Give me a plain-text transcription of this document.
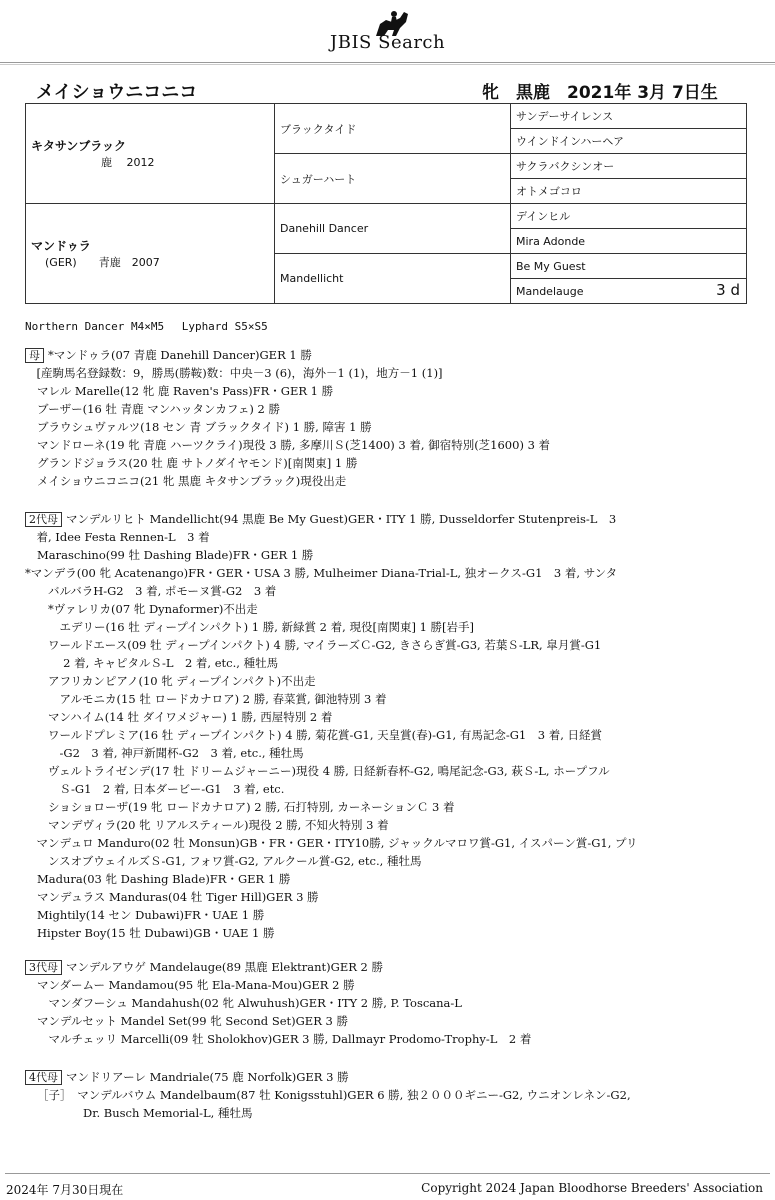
JBIS Search
メイショウニコニコ	牝　黒鹿　2021年 3月 7日生
キタサンブラック
鹿　 2012	ブラックタイド	サンデーサイレンス
		ウインドインハーヘア
	シュガーハート	サクラバクシンオー
		オトメゴコロ
マンドゥラ
(GER)　　青鹿　2007	Danehill Dancer	デインヒル
		Mira Adonde
	Mandellicht	Be My Guest
		Mandelauge 3 d
Northern Dancer M4×M5　 Lyphard S5×S5
母 *マンドゥラ(07 青鹿 Danehill Dancer)GER 1 勝
　[産駒馬名登録数：9，勝馬(勝鞍)数：中央－3 (6)，海外－1 (1)，地方－1 (1)]
マレル Marelle(12 牝 鹿 Raven's Pass)FR・GER 1 勝
ブーザー(16 牡 青鹿 マンハッタンカフェ) 2 勝
ブラウシュヴァルツ(18 セン 青 ブラックタイド) 1 勝, 障害 1 勝
マンドローネ(19 牝 青鹿 ハーツクライ)現役 3 勝, 多摩川Ｓ(芝1400) 3 着, 御宿特別(芝1600) 3 着
グランドジョラス(20 牡 鹿 サトノダイヤモンド)[南関東] 1 勝
メイショウニコニコ(21 牝 黒鹿 キタサンブラック)現役出走
2代母 マンデルリヒト Mandellicht(94 黒鹿 Be My Guest)GER・ITY 1 勝, Dusseldorfer Stutenpreis-L　3
　着, Idee Festa Rennen-L　3 着
Maraschino(99 牡 Dashing Blade)FR・GER 1 勝
*マンデラ(00 牝 Acatenango)FR・GER・USA 3 勝, Mulheimer Diana-Trial-L, 独オークス-G1　3 着, サンタ
　　バルバラH-G2　3 着, ポモーヌ賞-G2　3 着
　　*ヴァレリカ(07 牝 Dynaformer)不出走
　　　エデリー(16 牡 ディープインパクト) 1 勝, 新緑賞 2 着, 現役[南関東] 1 勝[岩手]
　　ワールドエース(09 牡 ディープインパクト) 4 勝, マイラーズＣ-G2, きさらぎ賞-G3, 若葉Ｓ-LR, 皐月賞-G1
　　　 2 着, キャピタルＳ-L　2 着, etc., 種牡馬
　　アフリカンピアノ(10 牝 ディープインパクト)不出走
　　　アルモニカ(15 牡 ロードカナロア) 2 勝, 春菜賞, 御池特別 3 着
　　マンハイム(14 牡 ダイワメジャー) 1 勝, 西屋特別 2 着
　　ワールドプレミア(16 牡 ディープインパクト) 4 勝, 菊花賞-G1, 天皇賞(春)-G1, 有馬記念-G1　3 着, 日経賞
　　　-G2　3 着, 神戸新聞杯-G2　3 着, etc., 種牡馬
　　ヴェルトライゼンデ(17 牡 ドリームジャーニー)現役 4 勝, 日経新春杯-G2, 鳴尾記念-G3, 萩Ｓ-L, ホープフル
　　　Ｓ-G1　2 着, 日本ダービー-G1　3 着, etc.
　　ショショローザ(19 牝 ロードカナロア) 2 勝, 石打特別, カーネーションＣ 3 着
　　マンデヴィラ(20 牝 リアルスティール)現役 2 勝, 不知火特別 3 着
　マンデュロ Manduro(02 牡 Monsun)GB・FR・GER・ITY10勝, ジャックルマロワ賞-G1, イスパーン賞-G1, プリ
　　ンスオブウェイルズＳ-G1, フォワ賞-G2, アルクール賞-G2, etc., 種牡馬
Madura(03 牝 Dashing Blade)FR・GER 1 勝
マンデュラス Manduras(04 牡 Tiger Hill)GER 3 勝
Mightily(14 セン Dubawi)FR・UAE 1 勝
Hipster Boy(15 牡 Dubawi)GB・UAE 1 勝
3代母 マンデルアウゲ Mandelauge(89 黒鹿 Elektrant)GER 2 勝
マンダームー Mandamou(95 牝 Ela-Mana-Mou)GER 2 勝
　マンダフーシュ Mandahush(02 牝 Alwuhush)GER・ITY 2 勝, P. Toscana-L
マンデルセット Mandel Set(99 牝 Second Set)GER 3 勝
　マルチェッリ Marcelli(09 牡 Sholokhov)GER 3 勝, Dallmayr Prodomo-Trophy-L　2 着
4代母 マンドリアーレ Mandriale(75 鹿 Norfolk)GER 3 勝
［子］　マンデルバウム Mandelbaum(87 牡 Konigsstuhl)GER 6 勝, 独２０００ギニー-G2, ウニオンレネン-G2,
　　　　Dr. Busch Memorial-L, 種牡馬
2024年 7月30日現在	Copyright 2024 Japan Bloodhorse Breeders' Association
